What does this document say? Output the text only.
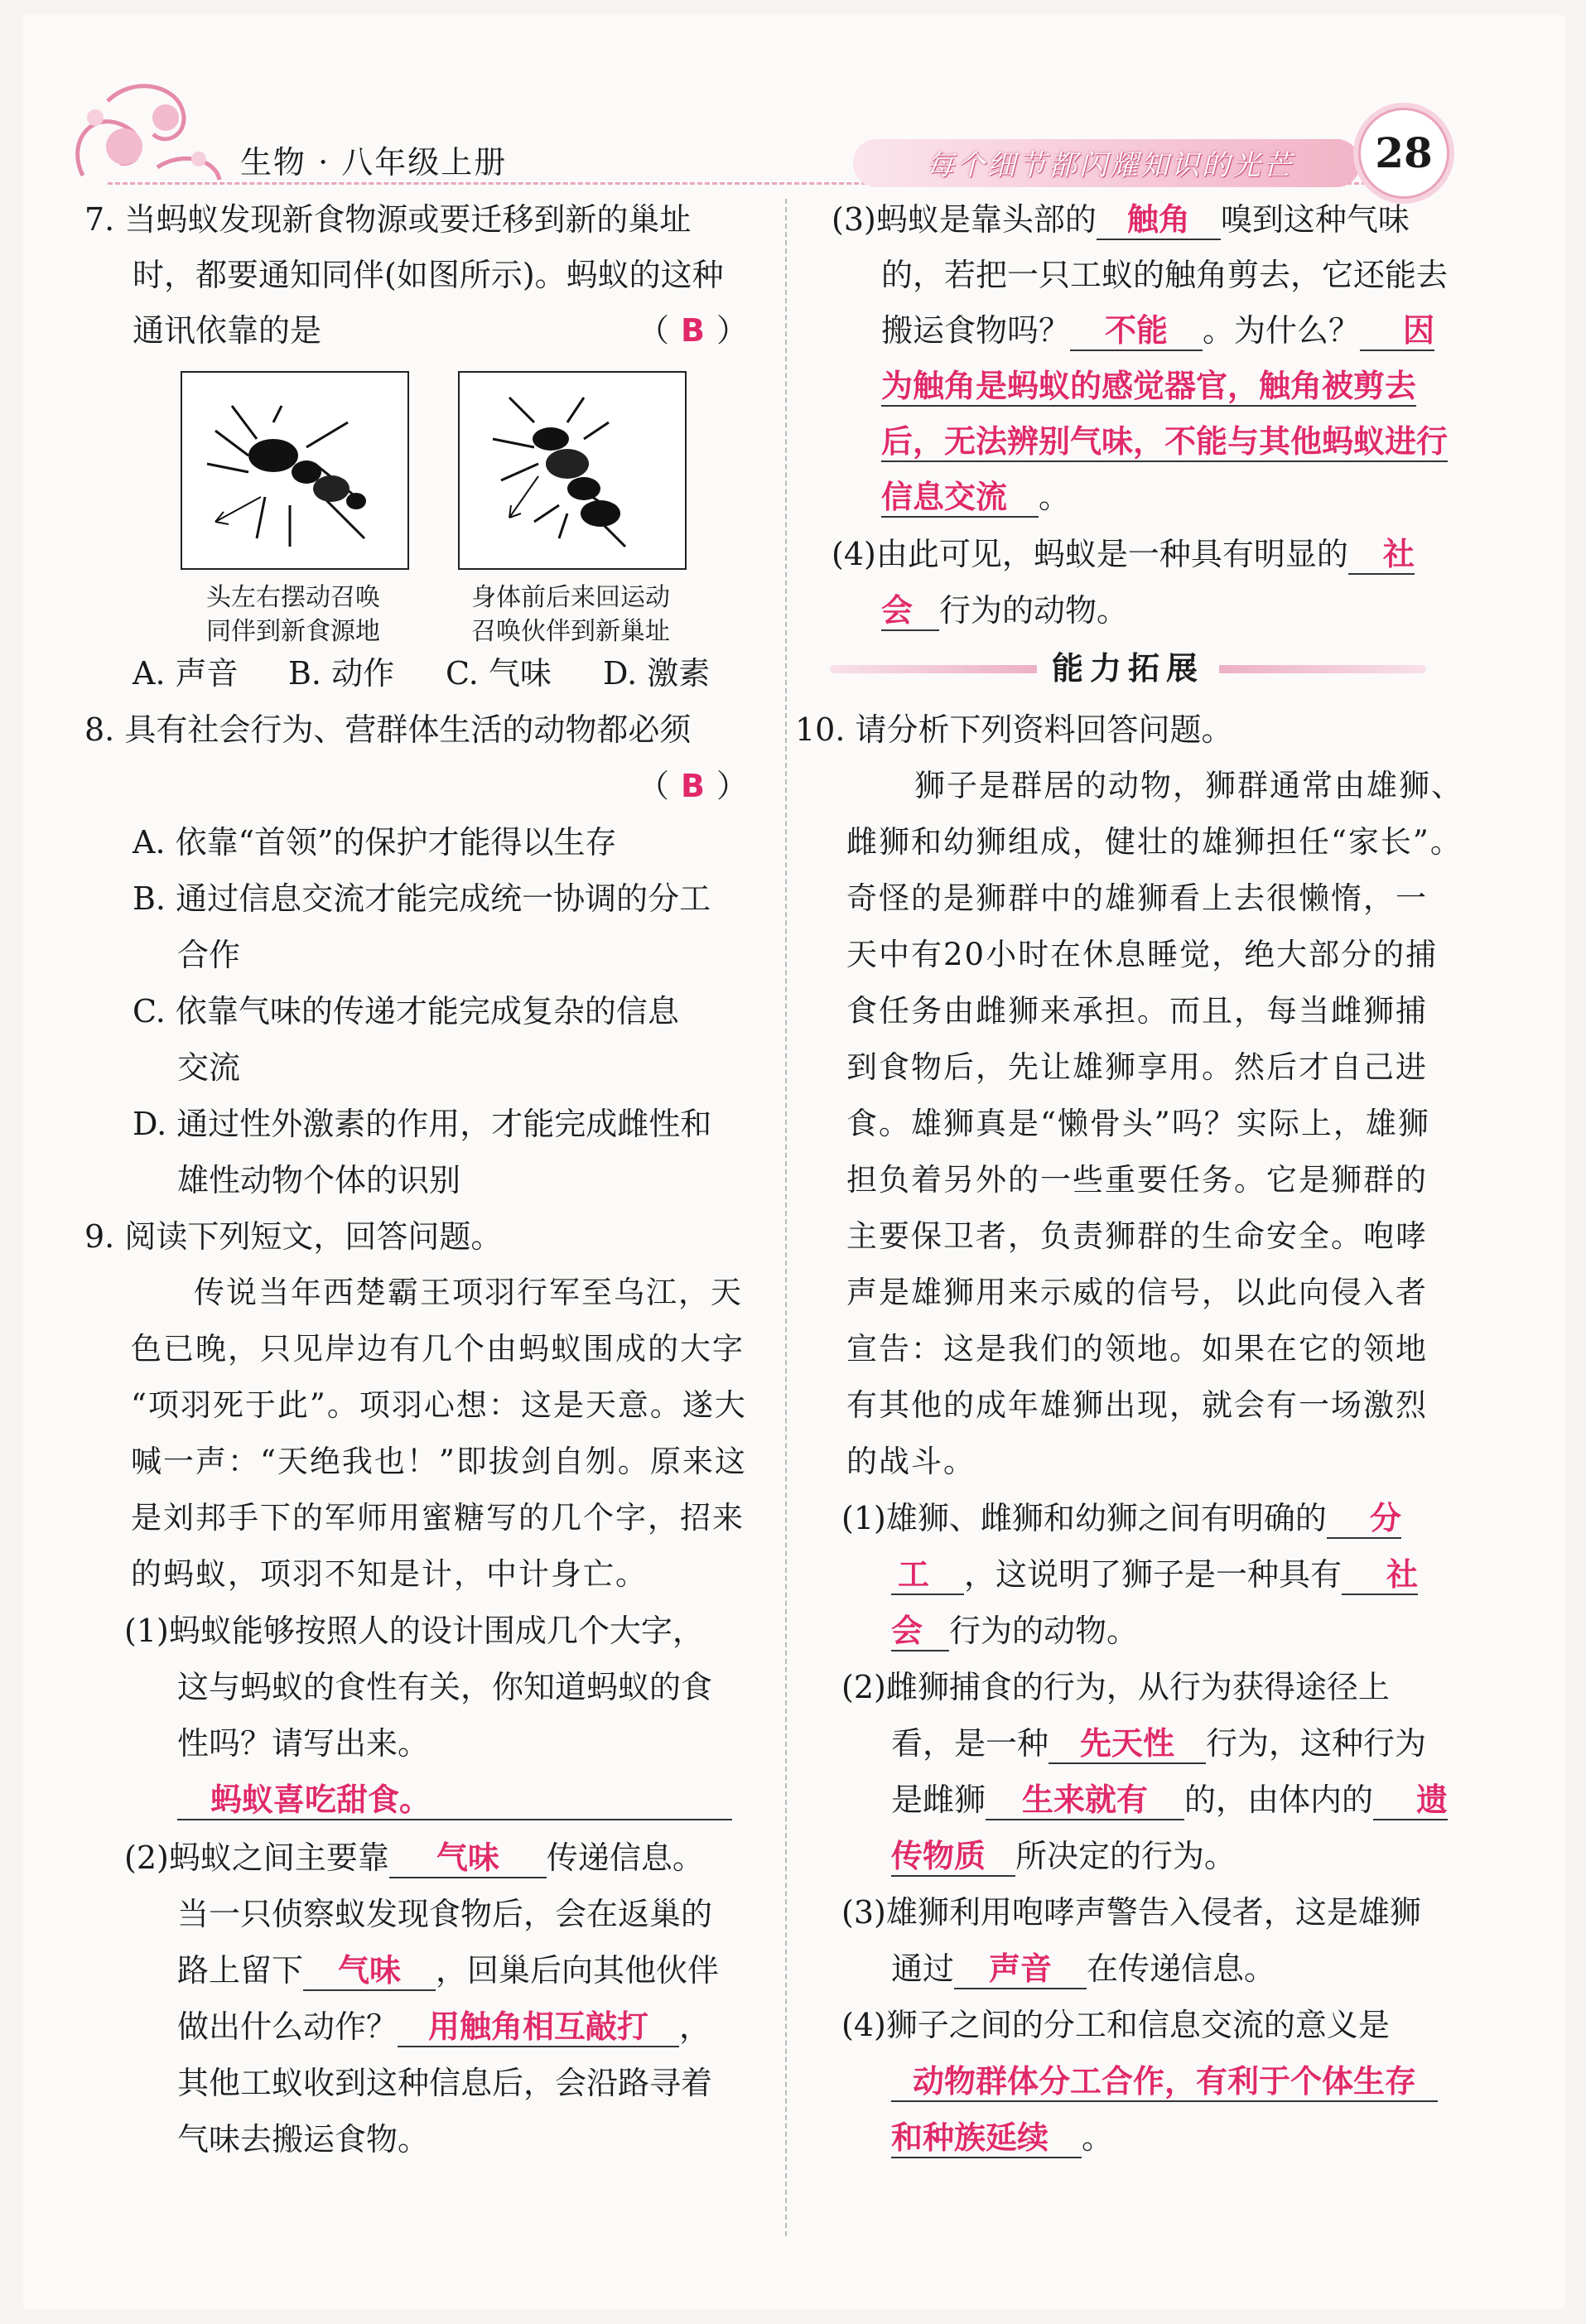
生物 · 八年级上册	每个细节都闪耀知识的光芒	28
7. 当蚂蚁发现新食物源或要迁移到新的巢址
时，都要通知同伴(如图所示)。蚂蚁的这种
通讯依靠的是	（ B ）
头左右摆动召唤
同伴到新食源地
身体前后来回运动
召唤伙伴到新巢址
A. 声音 B. 动作 C. 气味 D. 激素
8. 具有社会行为、营群体生活的动物都必须
（ B ）
A. 依靠“首领”的保护才能得以生存
B. 通过信息交流才能完成统一协调的分工
合作
C. 依靠气味的传递才能完成复杂的信息
交流
D. 通过性外激素的作用，才能完成雌性和
雄性动物个体的识别
9. 阅读下列短文，回答问题。
传说当年西楚霸王项羽行军至乌江，天
色已晚，只见岸边有几个由蚂蚁围成的大字
“项羽死于此”。项羽心想：这是天意。遂大
喊一声：“天绝我也！”即拔剑自刎。原来这
是刘邦手下的军师用蜜糖写的几个字，招来
的蚂蚁，项羽不知是计，中计身亡。
(1)蚂蚁能够按照人的设计围成几个大字，
这与蚂蚁的食性有关，你知道蚂蚁的食
性吗？请写出来。
蚂蚁喜吃甜食。
(2)蚂蚁之间主要靠 气味 传递信息。
当一只侦察蚁发现食物后，会在返巢的
路上留下 气味 ，回巢后向其他伙伴
做出什么动作？ 用触角相互敲打 ，
其他工蚁收到这种信息后，会沿路寻着
气味去搬运食物。
(3)蚂蚁是靠头部的 触角 嗅到这种气味
的，若把一只工蚁的触角剪去，它还能去
搬运食物吗？ 不能 。为什么？ 因
为触角是蚂蚁的感觉器官，触角被剪去
后，无法辨别气味，不能与其他蚂蚁进行
信息交流 。
(4)由此可见，蚂蚁是一种具有明显的 社
会 行为的动物。
能力拓展
10. 请分析下列资料回答问题。
狮子是群居的动物，狮群通常由雄狮、
雌狮和幼狮组成，健壮的雄狮担任“家长”。
奇怪的是狮群中的雄狮看上去很懒惰，一
天中有20小时在休息睡觉，绝大部分的捕
食任务由雌狮来承担。而且，每当雌狮捕
到食物后，先让雄狮享用。然后才自己进
食。雄狮真是“懒骨头”吗？实际上，雄狮
担负着另外的一些重要任务。它是狮群的
主要保卫者，负责狮群的生命安全。咆哮
声是雄狮用来示威的信号，以此向侵入者
宣告：这是我们的领地。如果在它的领地
有其他的成年雄狮出现，就会有一场激烈
的战斗。
(1)雄狮、雌狮和幼狮之间有明确的 分
工 ，这说明了狮子是一种具有 社
会 行为的动物。
(2)雌狮捕食的行为，从行为获得途径上
看，是一种 先天性 行为，这种行为
是雌狮 生来就有 的，由体内的 遗
传物质 所决定的行为。
(3)雄狮利用咆哮声警告入侵者，这是雄狮
通过 声音 在传递信息。
(4)狮子之间的分工和信息交流的意义是
动物群体分工合作，有利于个体生存
和种族延续 。
